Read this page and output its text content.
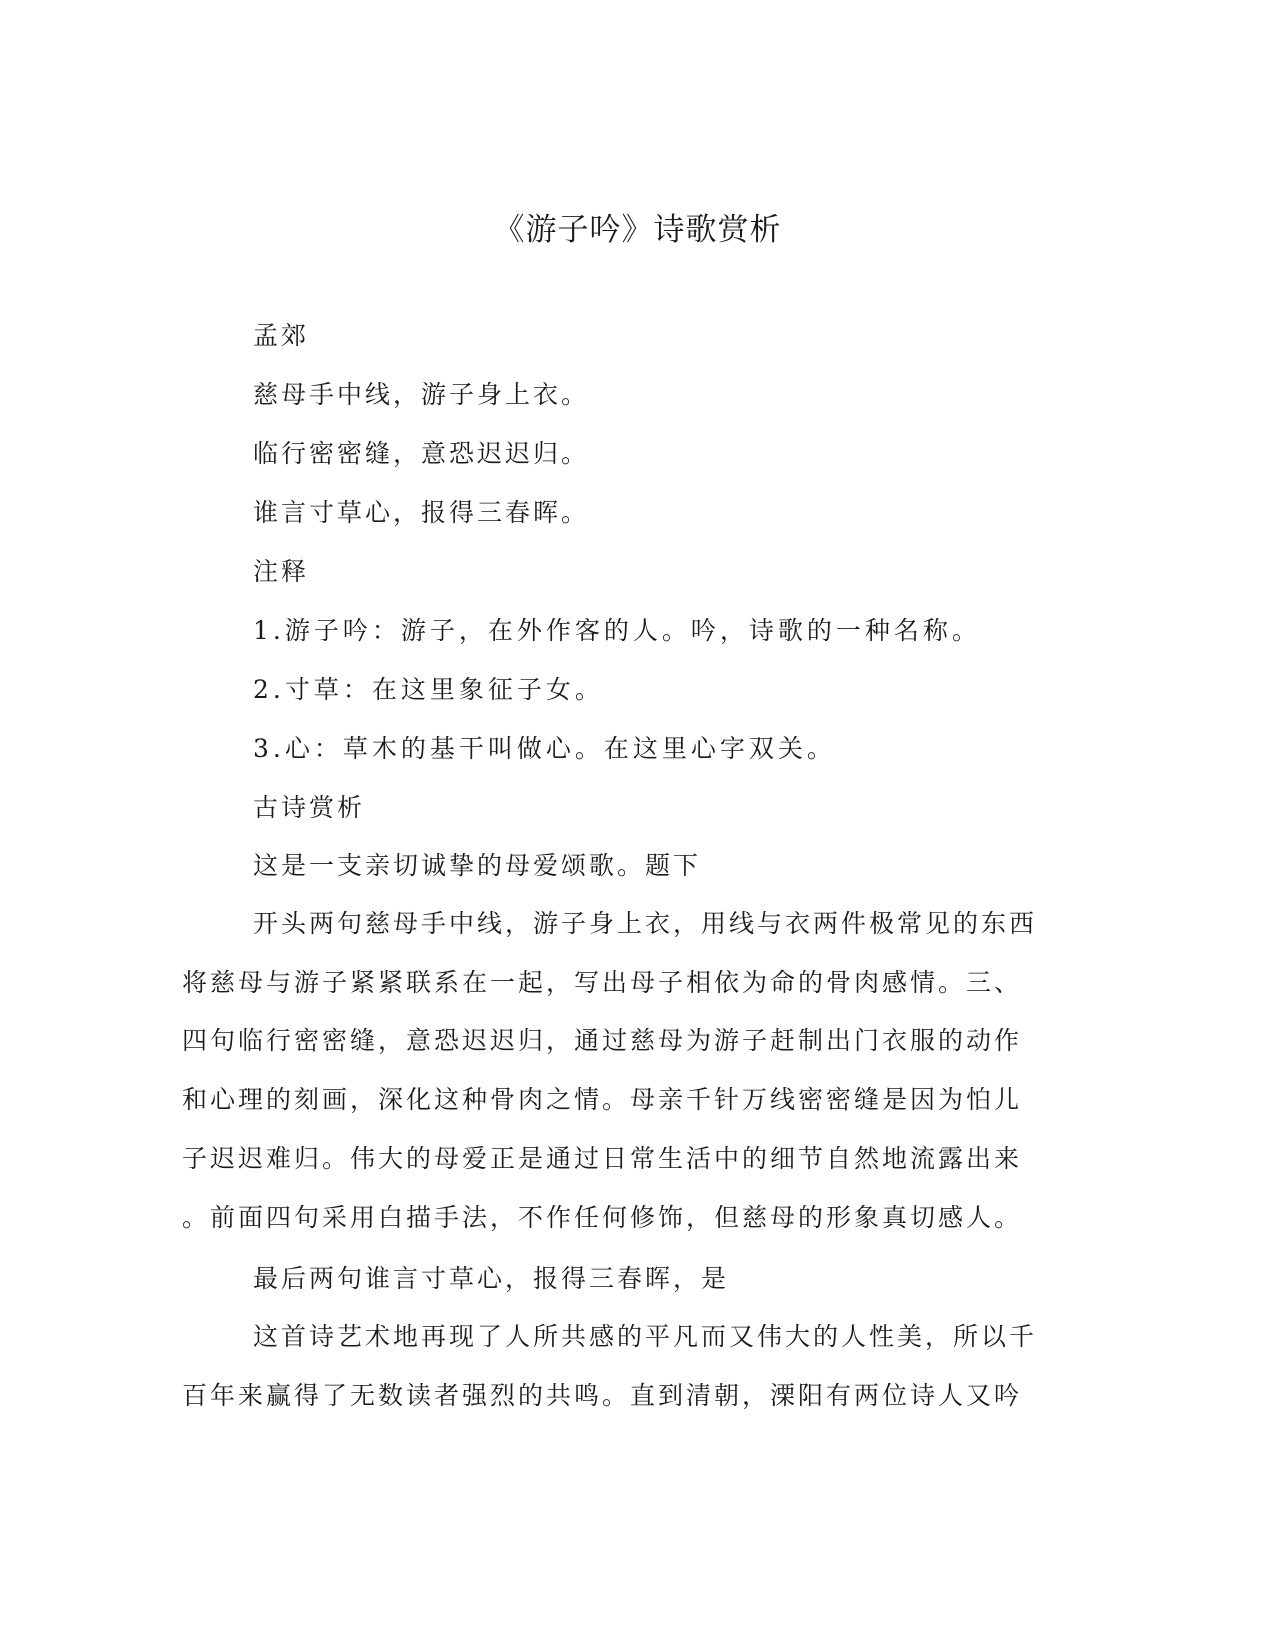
《游子吟》诗歌赏析
孟郊
慈母手中线，游子身上衣。
临行密密缝，意恐迟迟归。
谁言寸草心，报得三春晖。
注释
1.游子吟：游子，在外作客的人。吟，诗歌的一种名称。
2.寸草：在这里象征子女。
3.心：草木的基干叫做心。在这里心字双关。
古诗赏析
这是一支亲切诚挚的母爱颂歌。题下
开头两句慈母手中线，游子身上衣，用线与衣两件极常见的东西
将慈母与游子紧紧联系在一起，写出母子相依为命的骨肉感情。三、
四句临行密密缝，意恐迟迟归，通过慈母为游子赶制出门衣服的动作
和心理的刻画，深化这种骨肉之情。母亲千针万线密密缝是因为怕儿
子迟迟难归。伟大的母爱正是通过日常生活中的细节自然地流露出来
。前面四句采用白描手法，不作任何修饰，但慈母的形象真切感人。
最后两句谁言寸草心，报得三春晖，是
这首诗艺术地再现了人所共感的平凡而又伟大的人性美，所以千
百年来赢得了无数读者强烈的共鸣。直到清朝，溧阳有两位诗人又吟
